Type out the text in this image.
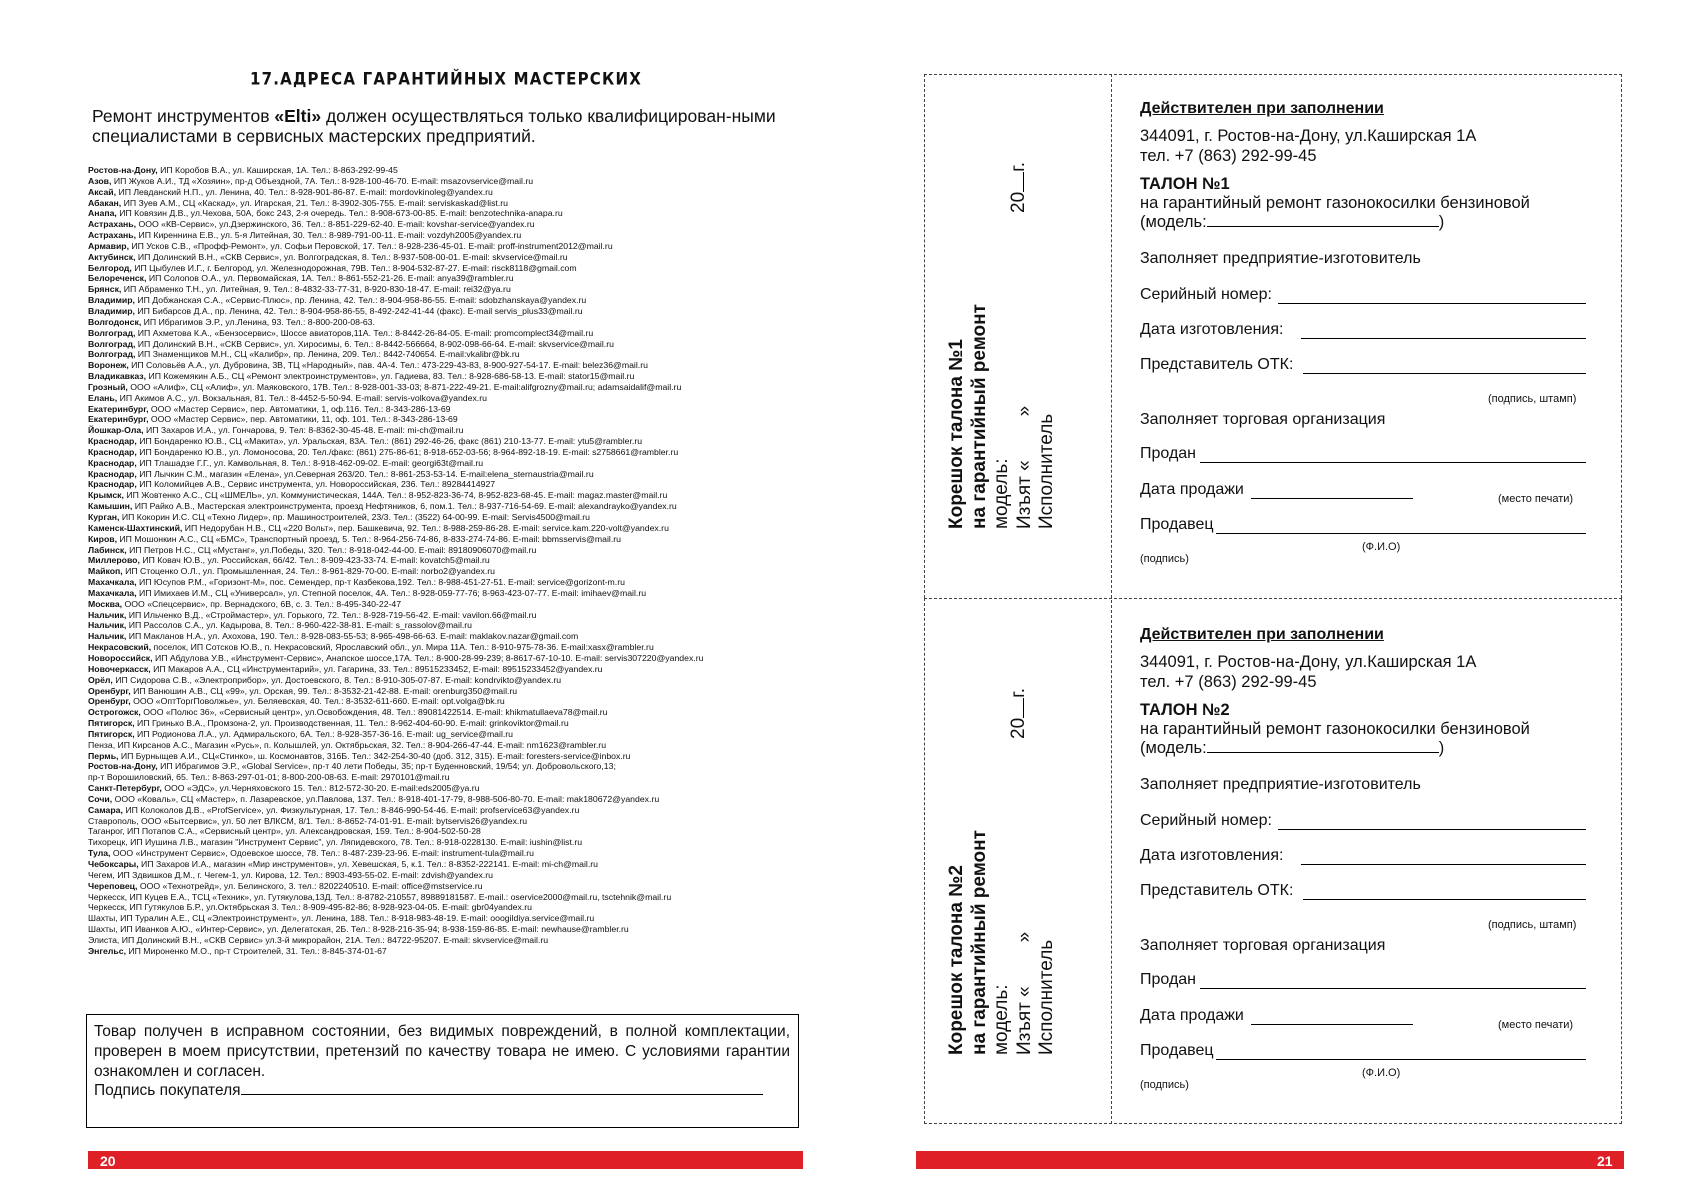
17.АДРЕСА ГАРАНТИЙНЫХ МАСТЕРСКИХ
Ремонт инструментов «Elti» должен осуществляться только квалифицирован-ными специалистами в сервисных мастерских предприятий.
Ростов-на-Дону, ИП Коробов В.А., ул. Каширская, 1А. Тел.: 8-863-292-99-45
Азов, ИП Жуков А.И., ТД «Хозяин», пр-д Объездной, 7А. Тел.: 8-928-100-46-70. E-mail: msazovservice@mail.ru
Аксай, ИП Левданский Н.П., ул. Ленина, 40. Тел.: 8-928-901-86-87. E-mail: mordovkinoleg@yandex.ru
Абакан, ИП Зуев А.М., СЦ «Каскад», ул. Игарская, 21. Тел.: 8-3902-305-755. E-mail: serviskaskad@list.ru
Анапа, ИП Ковязин Д.В., ул.Чехова, 50А, бокс 243, 2-я очередь. Тел.: 8-908-673-00-85. E-mail: benzotechnika-anapa.ru
Астрахань, ООО «КВ-Сервис», ул.Дзержинского, 36. Тел.: 8-851-229-62-40. E-mail: kovshar-service@yandex.ru
Астрахань, ИП Киреннина Е.В., ул. 5-я Литейная, 30. Тел.: 8-989-791-00-11. E-mail: vozdyh2005@yandex.ru
Армавир, ИП Усков С.В., «Профф-Ремонт», ул. Софьи Перовской, 17. Тел.: 8-928-236-45-01. E-mail: proff-instrument2012@mail.ru
Актубинск, ИП Долинский В.Н., «СКВ Сервис», ул. Волгоградская, 8. Тел.: 8-937-508-00-01. E-mail: skvservice@mail.ru
Белгород, ИП Цыбулев И.Г., г. Белгород, ул. Железнодорожная, 79В. Тел.: 8-904-532-87-27. E-mail: risck8118@gmail.com
Белореченск, ИП Солопов О.А., ул. Первомайская, 1А. Тел.: 8-861-552-21-26. E-mail: anya39@rambler.ru
Брянск, ИП Абраменко Т.Н., ул. Литейная, 9. Тел.: 8-4832-33-77-31, 8-920-830-18-47. E-mail: rei32@ya.ru
Владимир, ИП Добжанская С.А., «Сервис-Плюс», пр. Ленина, 42. Тел.: 8-904-958-86-55. E-mail: sdobzhanskaya@yandex.ru
Владимир, ИП Бибарсов Д.А., пр. Ленина, 42. Тел.: 8-904-958-86-55, 8-492-242-41-44 (факс). E-mail servis_plus33@mail.ru
Волгодонск, ИП Ибрагимов Э.Р., ул.Ленина, 93. Тел.: 8-800-200-08-63.
Волгоград, ИП Ахметова К.А., «Бензосервис», Шоссе авиаторов,11А. Тел.: 8-8442-26-84-05. E-mail: promcomplect34@mail.ru
Волгоград, ИП Долинский В.Н., «СКВ Сервис», ул. Хиросимы, 6. Тел.: 8-8442-566664, 8-902-098-66-64. E-mail: skvservice@mail.ru
Волгоград, ИП Знаменщиков М.Н., СЦ «Калибр», пр. Ленина, 209. Тел.: 8442-740654. E-mail:vkalibr@bk.ru
Воронеж, ИП Соловьёв А.А., ул. Дубровина, 3В, ТЦ «Народный», пав. 4А-4. Тел.: 473-229-43-83, 8-900-927-54-17. E-mail: belez36@mail.ru
Владикавказ, ИП Кожемякин А.Б., СЦ «Ремонт электроинструментов», ул. Гадиева, 83. Тел.: 8-928-686-58-13. E-mail: stator15@mail.ru
Грозный, ООО «Алиф», СЦ «Алиф», ул. Маяковского, 17В. Тел.: 8-928-001-33-03; 8-871-222-49-21. E-mail:alifgrozny@mail.ru; adamsaidalif@mail.ru
Елань, ИП Акимов А.С., ул. Вокзальная, 81. Тел.: 8-4452-5-50-94. E-mail: servis-volkova@yandex.ru
Екатеринбург, ООО «Мастер Сервис», пер. Автоматики, 1, оф.116. Тел.: 8-343-286-13-69
Екатеринбург, ООО «Мастер Сервис», пер. Автоматики, 11, оф. 101. Тел.: 8-343-286-13-69
Йошкар-Ола, ИП Захаров И.А., ул. Гончарова, 9. Тел: 8-8362-30-45-48. E-mail: mi-ch@mail.ru
Краснодар, ИП Бондаренко Ю.В., СЦ «Макита», ул. Уральская, 83А. Тел.: (861) 292-46-26, факс (861) 210-13-77. E-mail: ytu5@rambler.ru
Краснодар, ИП Бондаренко Ю.В., ул. Ломоносова, 20. Тел./факс: (861) 275-86-61; 8-918-652-03-56; 8-964-892-18-19. E-mail: s2758661@rambler.ru
Краснодар, ИП Тлашадзе Г.Г., ул. Камвольная, 8. Тел.: 8-918-462-09-02. E-mail: georgi63t@mail.ru
Краснодар, ИП Лычкин С.М., магазин «Елена», ул.Северная 263/20. Тел.: 8-861-253-53-14. E-mail:elena_sternaustria@mail.ru
Краснодар, ИП Коломийцев А.В., Сервис инструмента, ул. Новороссийская, 236. Тел.: 89284414927
Крымск, ИП Жовтенко А.С., СЦ «ШМЕЛЬ», ул. Коммунистическая, 144А. Тел.: 8-952-823-36-74, 8-952-823-68-45. E-mail: magaz.master@mail.ru
Камышин, ИП Райко А.В., Мастерская электроинструмента, проезд Нефтяников, 6, пом.1. Тел.: 8-937-716-54-69. E-mail: alexandrayko@yandex.ru
Курган, ИП Кокорин И.С. СЦ «Техно Лидер», пр. Машиностроителей, 23/3. Тел.: (3522) 64-00-99. E-mail: Servis4500@mail.ru
Каменск-Шахтинский, ИП Недорубан Н.В., СЦ «220 Вольт», пер. Башкевича, 92. Тел.: 8-988-259-86-28. E-mail: service.kam.220-volt@yandex.ru
Киров, ИП Мошонкин А.С., СЦ «БМС», Транспортный проезд, 5. Тел.: 8-964-256-74-86, 8-833-274-74-86. E-mail: bbmsservis@mail.ru
Лабинск, ИП Петров Н.С., СЦ «Мустанг», ул.Победы, 320. Тел.: 8-918-042-44-00. E-mail: 89180906070@mail.ru
Миллерово, ИП Ковач Ю.В., ул. Российская, 66/42. Тел.: 8-909-423-33-74. E-mail: kovatch5@mail.ru
Майкоп, ИП Стоценко О.Л., ул. Промышленная, 24. Тел.: 8-961-829-70-00. E-mail: norbo2@yandex.ru
Махачкала, ИП Юсупов Р.М., «Горизонт-М», пос. Семендер, пр-т Казбекова,192. Тел.: 8-988-451-27-51. E-mail: service@gorizont-m.ru
Махачкала, ИП Имихаев И.М., СЦ «Универсал», ул. Степной поселок, 4А. Тел.: 8-928-059-77-76; 8-963-423-07-77. E-mail: imihaev@mail.ru
Москва, ООО «Спецсервис», пр. Вернадского, 6В, с. 3. Тел.: 8-495-340-22-47
Нальчик, ИП Ильченко В.Д., «Строймастер», ул. Горького, 72. Тел.: 8-928-719-56-42. E-mail: vavilon.66@mail.ru
Нальчик, ИП Рассолов С.А., ул. Кадырова, 8. Тел.: 8-960-422-38-81. E-mail: s_rassolov@mail.ru
Нальчик, ИП Макланов Н.А., ул. Ахохова, 190. Тел.: 8-928-083-55-53; 8-965-498-66-63. E-mail: maklakov.nazar@gmail.com
Некрасовский, поселок, ИП Сотсков Ю.В., п. Некрасовский, Ярославский обл., ул. Мира 11А. Тел.: 8-910-975-78-36. E-mail:xasx@rambler.ru
Новороссийск, ИП Абдулова У.В., «Инструмент-Сервис», Анапское шоссе,17А. Тел.: 8-900-28-99-239; 8-8617-67-10-10. E-mail: servis307220@yandex.ru
Новочеркасск, ИП Макаров А.А., СЦ «Инструментарий», ул. Гагарина, 33. Тел.: 89515233452, E-mail: 89515233452@yandex.ru
Орёл, ИП Сидорова С.В., «Электроприбор», ул. Достоевского, 8. Тел.: 8-910-305-07-87. E-mail: kondrvikto@yandex.ru
Оренбург, ИП Ванюшин А.В., СЦ «99», ул. Орская, 99. Тел.: 8-3532-21-42-88. E-mail: orenburg350@mail.ru
Оренбург, ООО «ОптТоргПоволжье», ул. Беляевская, 40. Тел.: 8-3532-611-660. E-mail: opt.volga@bk.ru
Острогожск, ООО «Полюс 36», «Сервисный центр», ул.Освобождения, 48. Тел.: 89081422514. E-mail: khikmatullaeva78@mail.ru
Пятигорск, ИП Гринько В.А., Промзона-2, ул. Производственная, 11. Тел.: 8-962-404-60-90. E-mail: grinkoviktor@mail.ru
Пятигорск, ИП Родионова Л.А., ул. Адмиральского, 6А. Тел.: 8-928-357-36-16. E-mail: ug_service@mail.ru
Пенза, ИП Кирсанов А.С., Магазин «Русь», п. Колышлей, ул. Октябрьская, 32. Тел.: 8-904-266-47-44. E-mail: nm1623@rambler.ru
Пермь, ИП Бурныщев А.И., СЦ«Стинко», ш. Космонавтов, 316Б. Тел.: 342-254-30-40 (доб. 312, 315). E-mail: foresters-service@inbox.ru
Ростов-на-Дону, ИП Ибрагимов Э.Р., «Global Service», пр-т 40 лети Победы, 35; пр-т Буденновский, 19/54; ул. Добровольского,13;
пр-т Ворошиловский, 65. Тел.: 8-863-297-01-01; 8-800-200-08-63. E-mail: 2970101@mail.ru
Санкт-Петербург, ООО «ЭДС», ул.Черняховского 15. Тел.: 812-572-30-20. E-mail:eds2005@ya.ru
Сочи, ООО «Коваль», СЦ «Мастер», п. Лазаревское, ул.Павлова, 137. Тел.: 8-918-401-17-79, 8-988-506-80-70. E-mail: mak180672@yandex.ru
Самара, ИП Колоколов Д.В., «ProfService», ул. Физкультурная, 17. Тел.: 8-846-990-54-46. E-mail: profservice63@yandex.ru
Ставрополь, ООО «Бытсервис», ул. 50 лет ВЛКСМ, 8/1. Тел.: 8-8652-74-01-91. E-mail: bytservis26@yandex.ru
Таганрог, ИП Потапов С.А., «Сервисный центр», ул. Александровская, 159. Тел.: 8-904-502-50-28
Тихорецк, ИП Иушина Л.В., магазин "Инструмент Сервис", ул. Ляпидевского, 78. Тел.: 8-918-0228130. E-mail: iushin@list.ru
Тула, ООО «Инструмент Сервис», Одоевское шоссе, 78. Тел.: 8-487-239-23-96. E-mail: instrument-tula@mail.ru
Чебоксары, ИП Захаров И.А., магазин «Мир инструментов», ул. Хевешская, 5, к.1. Тел.: 8-8352-222141. E-mail: mi-ch@mail.ru
Чегем, ИП Здвишков Д.М., г. Чегем-1, ул. Кирова, 12. Тел.: 8903-493-55-02. E-mail: zdvish@yandex.ru
Череповец, ООО «Технотрейд», ул. Белинского, 3. тел.: 8202240510. E-mail: office@mstservice.ru
Черкесск, ИП Куцев Е.А., ТСЦ «Техник», ул. Гутякулова,13Д. Тел.: 8-8782-210557, 89889181587. E-mail.: oservice2000@mail.ru, tsctehnik@mail.ru
Черкесск, ИП Гутякулов Б.Р., ул.Октябрьская 3. Тел.: 8-909-495-82-86; 8-928-923-04-05. E-mail: gbr04yandex.ru
Шахты, ИП Туралин А.Е., СЦ «Электроинструмент», ул. Ленина, 188. Тел.: 8-918-983-48-19. E-mail: ooogildiya.service@mail.ru
Шахты, ИП Иванков А.Ю., «Интер-Сервис», ул. Делегатская, 2Б. Тел.: 8-928-216-35-94; 8-938-159-86-85. E-mail: newhause@rambler.ru
Элиста, ИП Долинский В.Н., «СКВ Сервис» ул.3-й микрорайон, 21А. Тел.: 84722-95207. E-mail: skvservice@mail.ru
Энгельс, ИП Мироненко М.О., пр-т Строителей, 31. Тел.: 8-845-374-01-67
Товар получен в исправном состоянии, без видимых повреждений, в полной комплектации, проверен в моем присутствии, претензий по качеству товара не имею. С условиями гарантии ознакомлен и согласен.
Подпись покупателя
20	21
Корешок талона №1 на гарантийный ремонт модель: Изъят «»
Исполнитель
20г.
Действителен при заполнении
344091, г. Ростов-на-Дону, ул.Каширская 1А
тел. +7 (863) 292-99-45
ТАЛОН №1
на гарантийный ремонт газонокосилки бензиновой
(модель:	)
Заполняет предприятие-изготовитель
Серийный номер:
Дата изготовления:
Представитель ОТК:
(подпись, штамп)
Заполняет торговая организация
Продан
Дата продажи
(место печати)
Продавец
(Ф.И.О)
(подпись)
Корешок талона №2 на гарантийный ремонт модель: Изъят «»
Исполнитель
20г.
Действителен при заполнении
344091, г. Ростов-на-Дону, ул.Каширская 1А
тел. +7 (863) 292-99-45
ТАЛОН №2
на гарантийный ремонт газонокосилки бензиновой
(модель:	)
Заполняет предприятие-изготовитель
Серийный номер:
Дата изготовления:
Представитель ОТК:
(подпись, штамп)
Заполняет торговая организация
Продан
Дата продажи
(место печати)
Продавец
(Ф.И.О)
(подпись)
